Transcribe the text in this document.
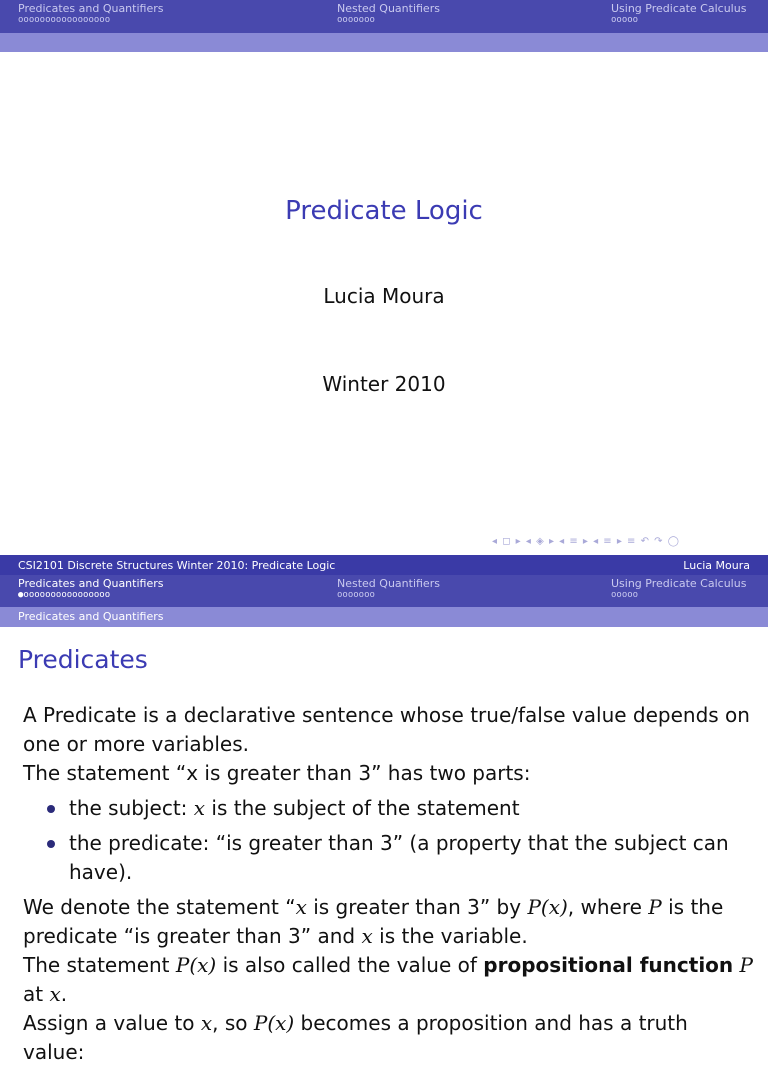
Predicates and Quantifiers	Nested Quantifiers	Using Predicate Calculus
ooooooooooooooooo	ooooooo	ooooo
Predicate Logic
Lucia Moura
Winter 2010
◂ ◻ ▸ ◂ ◈ ▸ ◂ ≡ ▸ ◂ ≡ ▸ ≡ ↶ ↷ ◯
CSI2101 Discrete Structures Winter 2010: Predicate Logic	Lucia Moura
Predicates and Quantifiers	Nested Quantifiers	Using Predicate Calculus
●oooooooooooooooo	ooooooo	ooooo
Predicates and Quantifiers
Predicates

A Predicate is a declarative sentence whose true/false value depends on one or more variables.

The statement “x is greater than 3” has two parts:

the subject: x is the subject of the statement
the predicate: “is greater than 3” (a property that the subject can have).

We denote the statement “x is greater than 3” by P(x), where P is the predicate “is greater than 3” and x is the variable.

The statement P(x) is also called the value of propositional function P at x.

Assign a value to x, so P(x) becomes a proposition and has a truth value:
